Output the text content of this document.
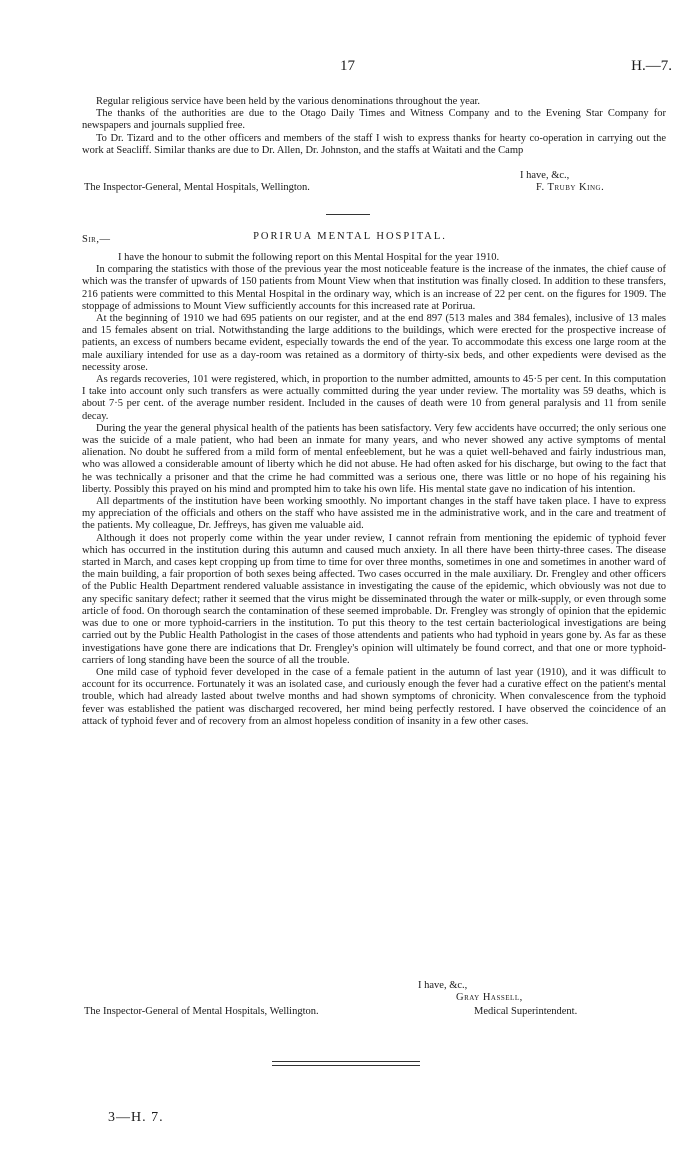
17	H.—7.

Regular religious service have been held by the various denominations throughout the year.

The thanks of the authorities are due to the Otago Daily Times and Witness Company and to the Evening Star Company for newspapers and journals supplied free.

To Dr. Tizard and to the other officers and members of the staff I wish to express thanks for hearty co-operation in carrying out the work at Seacliff. Similar thanks are due to Dr. Allen, Dr. Johnston, and the staffs at Waitati and the Camp

I have, &c.,
The Inspector-General, Mental Hospitals, Wellington.	F. Truby King.
PORIRUA MENTAL HOSPITAL.
Sir,—

I have the honour to submit the following report on this Mental Hospital for the year 1910.

In comparing the statistics with those of the previous year the most noticeable feature is the increase of the inmates, the chief cause of which was the transfer of upwards of 150 patients from Mount View when that institution was finally closed. In addition to these transfers, 216 patients were committed to this Mental Hospital in the ordinary way, which is an increase of 22 per cent. on the figures for 1909. The stoppage of admissions to Mount View sufficiently accounts for this increased rate at Porirua.

At the beginning of 1910 we had 695 patients on our register, and at the end 897 (513 males and 384 females), inclusive of 13 males and 15 females absent on trial. Notwithstanding the large additions to the buildings, which were erected for the prospective increase of patients, an excess of numbers became evident, especially towards the end of the year. To accommodate this excess one large room at the male auxiliary intended for use as a day-room was retained as a dormitory of thirty-six beds, and other expedients were devised as the necessity arose.

As regards recoveries, 101 were registered, which, in proportion to the number admitted, amounts to 45·5 per cent. In this computation I take into account only such transfers as were actually committed during the year under review. The mortality was 59 deaths, which is about 7·5 per cent. of the average number resident. Included in the causes of death were 10 from general paralysis and 11 from senile decay.

During the year the general physical health of the patients has been satisfactory. Very few accidents have occurred; the only serious one was the suicide of a male patient, who had been an inmate for many years, and who never showed any active symptoms of mental alienation. No doubt he suffered from a mild form of mental enfeeblement, but he was a quiet well-behaved and fairly industrious man, who was allowed a considerable amount of liberty which he did not abuse. He had often asked for his discharge, but owing to the fact that he was technically a prisoner and that the crime he had committed was a serious one, there was little or no hope of his regaining his liberty. Possibly this prayed on his mind and prompted him to take his own life. His mental state gave no indication of his intention.

All departments of the institution have been working smoothly. No important changes in the staff have taken place. I have to express my appreciation of the officials and others on the staff who have assisted me in the administrative work, and in the care and treatment of the patients. My colleague, Dr. Jeffreys, has given me valuable aid.

Although it does not properly come within the year under review, I cannot refrain from mentioning the epidemic of typhoid fever which has occurred in the institution during this autumn and caused much anxiety. In all there have been thirty-three cases. The disease started in March, and cases kept cropping up from time to time for over three months, sometimes in one and sometimes in another ward of the main building, a fair proportion of both sexes being affected. Two cases occurred in the male auxiliary. Dr. Frengley and other officers of the Public Health Department rendered valuable assistance in investigating the cause of the epidemic, which obviously was not due to any specific sanitary defect; rather it seemed that the virus might be disseminated through the water or milk-supply, or even through some article of food. On thorough search the contamination of these seemed improbable. Dr. Frengley was strongly of opinion that the epidemic was due to one or more typhoid-carriers in the institution. To put this theory to the test certain bacteriological investigations are being carried out by the Public Health Pathologist in the cases of those attendents and patients who had typhoid in years gone by. As far as these investigations have gone there are indications that Dr. Frengley's opinion will ultimately be found correct, and that one or more typhoid-carriers of long standing have been the source of all the trouble.

One mild case of typhoid fever developed in the case of a female patient in the autumn of last year (1910), and it was difficult to account for its occurrence. Fortunately it was an isolated case, and curiously enough the fever had a curative effect on the patient's mental trouble, which had already lasted about twelve months and had shown symptoms of chronicity. When convalescence from the typhoid fever was established the patient was discharged recovered, her mind being perfectly restored. I have observed the coincidence of an attack of typhoid fever and of recovery from an almost hopeless condition of insanity in a few other cases.

I have, &c.,
Gray Hassell,
The Inspector-General of Mental Hospitals, Wellington.	Medical Superintendent.
3—H. 7.
